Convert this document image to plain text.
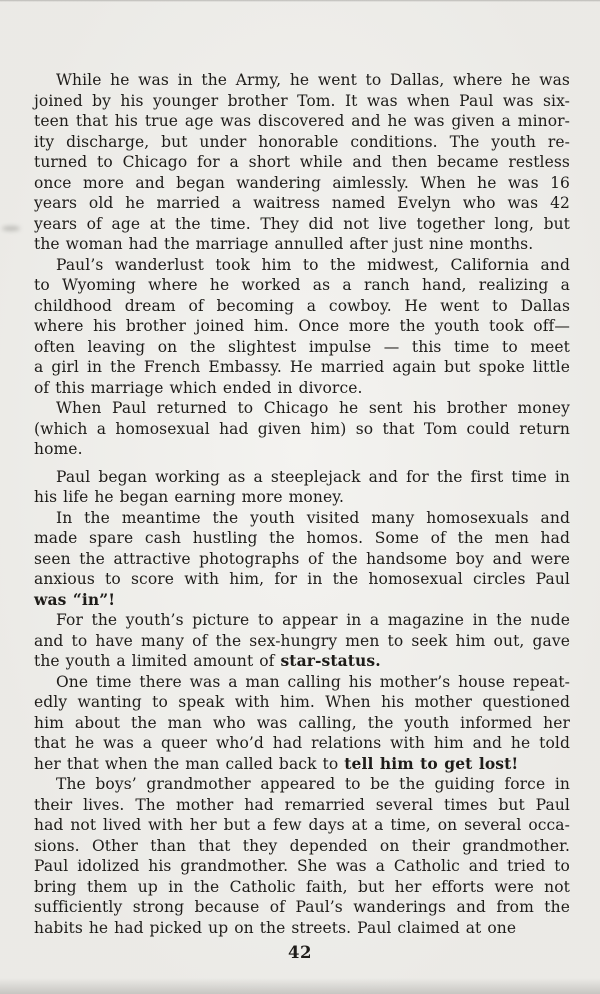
While he was in the Army, he went to Dallas, where he was
joined by his younger brother Tom. It was when Paul was six-
teen that his true age was discovered and he was given a minor-
ity discharge, but under honorable conditions. The youth re-
turned to Chicago for a short while and then became restless
once more and began wandering aimlessly. When he was 16
years old he married a waitress named Evelyn who was 42
years of age at the time. They did not live together long, but
the woman had the marriage annulled after just nine months.
Paul’s wanderlust took him to the midwest, California and
to Wyoming where he worked as a ranch hand, realizing a
childhood dream of becoming a cowboy. He went to Dallas
where his brother joined him. Once more the youth took off—
often leaving on the slightest impulse — this time to meet
a girl in the French Embassy. He married again but spoke little
of this marriage which ended in divorce.
When Paul returned to Chicago he sent his brother money
(which a homosexual had given him) so that Tom could return
home.
Paul began working as a steeplejack and for the first time in
his life he began earning more money.
In the meantime the youth visited many homosexuals and
made spare cash hustling the homos. Some of the men had
seen the attractive photographs of the handsome boy and were
anxious to score with him, for in the homosexual circles Paul
was “in”!
For the youth’s picture to appear in a magazine in the nude
and to have many of the sex-hungry men to seek him out, gave
the youth a limited amount of star-status.
One time there was a man calling his mother’s house repeat-
edly wanting to speak with him. When his mother questioned
him about the man who was calling, the youth informed her
that he was a queer who’d had relations with him and he told
her that when the man called back to tell him to get lost!
The boys’ grandmother appeared to be the guiding force in
their lives. The mother had remarried several times but Paul
had not lived with her but a few days at a time, on several occa-
sions. Other than that they depended on their grandmother.
Paul idolized his grandmother. She was a Catholic and tried to
bring them up in the Catholic faith, but her efforts were not
sufficiently strong because of Paul’s wanderings and from the
habits he had picked up on the streets. Paul claimed at one
42
